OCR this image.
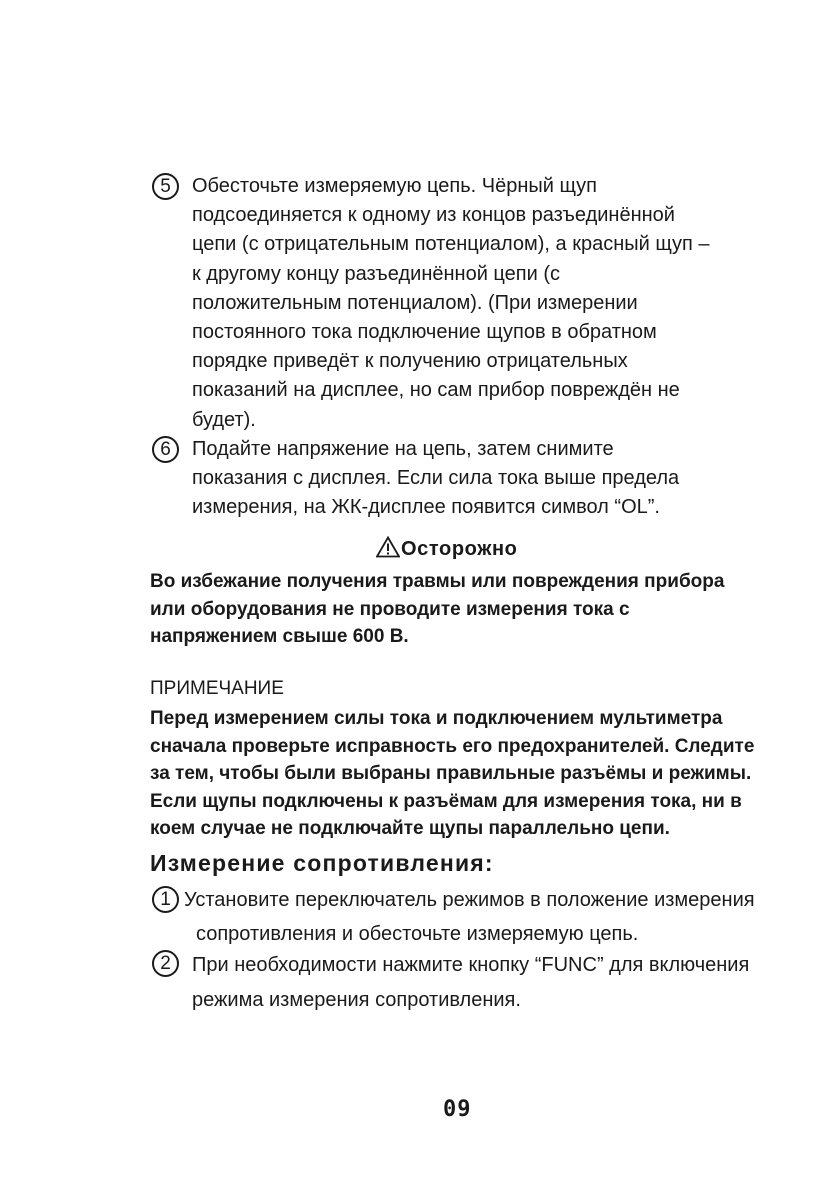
5	Обесточьте измеряемую цепь. Чёрный щуп
подсоединяется к одному из концов разъединённой
цепи (с отрицательным потенциалом), а красный щуп –
к другому концу разъединённой цепи (с
положительным потенциалом). (При измерении
постоянного тока подключение щупов в обратном
порядке приведёт к получению отрицательных
показаний на дисплее, но сам прибор повреждён не
будет).
6	Подайте напряжение на цепь, затем снимите
показания с дисплея. Если сила тока выше предела
измерения, на ЖК-дисплее появится символ “OL”.
Осторожно
Во избежание получения травмы или повреждения прибора
или оборудования не проводите измерения тока с
напряжением свыше 600 В.
ПРИМЕЧАНИЕ
Перед измерением силы тока и подключением мультиметра
сначала проверьте исправность его предохранителей. Следите
за тем, чтобы были выбраны правильные разъёмы и режимы.
Если щупы подключены к разъёмам для измерения тока, ни в
коем случае не подключайте щупы параллельно цепи.
Измерение сопротивления:
1 Установите переключатель режимов в положение измерения
сопротивления и обесточьте измеряемую цепь.
2	При необходимости нажмите кнопку “FUNC” для включения
режима измерения сопротивления.
09
